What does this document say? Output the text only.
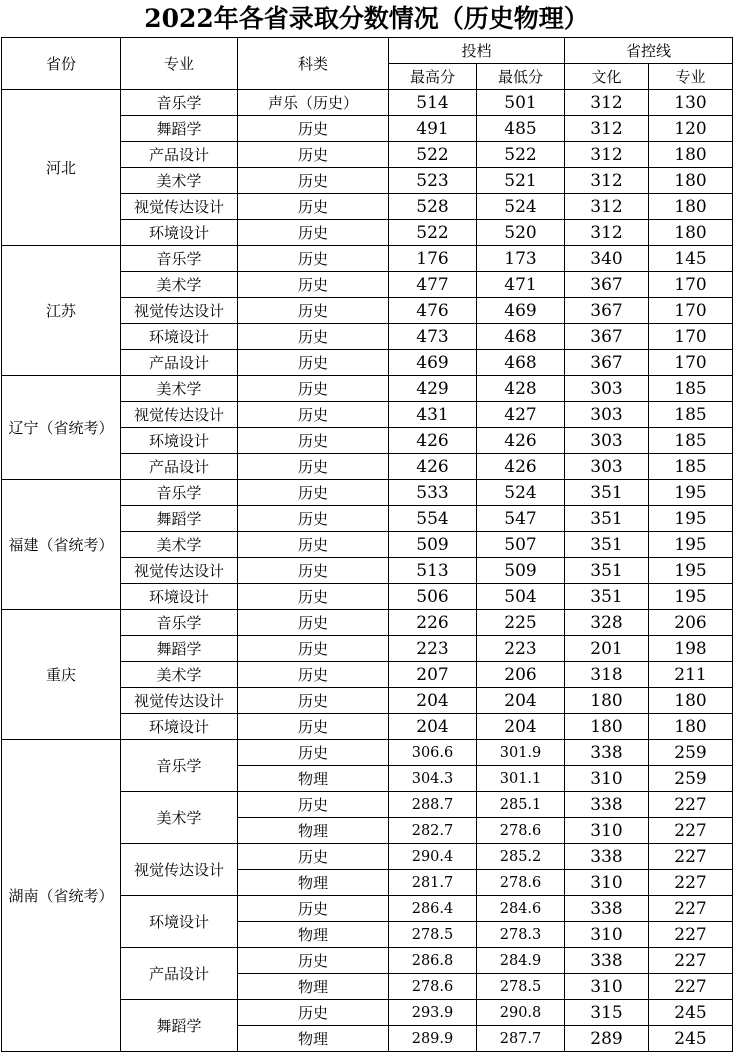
2022年各省录取分数情况（历史物理）
省份	专业	科类	投档		省控线	
			最高分	最低分	文化	专业
河北	音乐学	声乐（历史）	514	501	312	130
	舞蹈学	历史	491	485	312	120
	产品设计	历史	522	522	312	180
	美术学	历史	523	521	312	180
	视觉传达设计	历史	528	524	312	180
	环境设计	历史	522	520	312	180
江苏	音乐学	历史	176	173	340	145
	美术学	历史	477	471	367	170
	视觉传达设计	历史	476	469	367	170
	环境设计	历史	473	468	367	170
	产品设计	历史	469	468	367	170
辽宁（省统考）	美术学	历史	429	428	303	185
	视觉传达设计	历史	431	427	303	185
	环境设计	历史	426	426	303	185
	产品设计	历史	426	426	303	185
福建（省统考）	音乐学	历史	533	524	351	195
	舞蹈学	历史	554	547	351	195
	美术学	历史	509	507	351	195
	视觉传达设计	历史	513	509	351	195
	环境设计	历史	506	504	351	195
重庆	音乐学	历史	226	225	328	206
	舞蹈学	历史	223	223	201	198
	美术学	历史	207	206	318	211
	视觉传达设计	历史	204	204	180	180
	环境设计	历史	204	204	180	180
湖南（省统考）	音乐学	历史	306.6	301.9	338	259
		物理	304.3	301.1	310	259
	美术学	历史	288.7	285.1	338	227
		物理	282.7	278.6	310	227
	视觉传达设计	历史	290.4	285.2	338	227
		物理	281.7	278.6	310	227
	环境设计	历史	286.4	284.6	338	227
		物理	278.5	278.3	310	227
	产品设计	历史	286.8	284.9	338	227
		物理	278.6	278.5	310	227
	舞蹈学	历史	293.9	290.8	315	245
		物理	289.9	287.7	289	245
